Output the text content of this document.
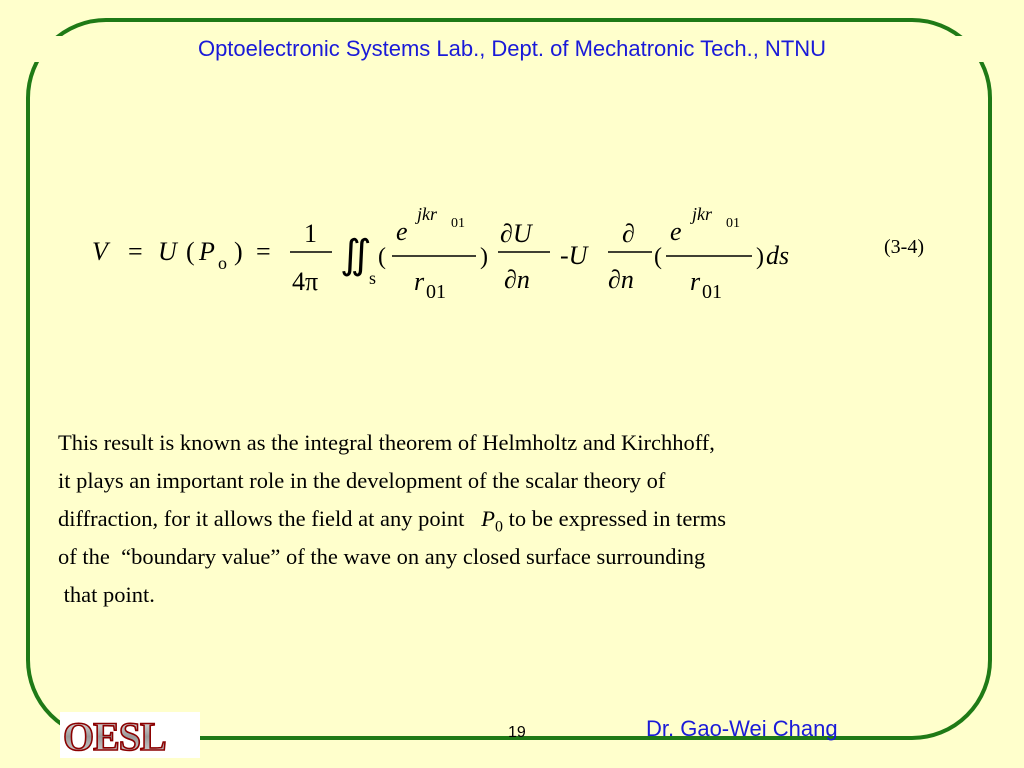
Optoelectronic Systems Lab., Dept. of Mechatronic Tech., NTNU
V = U ( P o ) =
1
4π
∬
s
(
e
jkr 01
r 01
)
∂U
∂n
-U
∂
∂n
(
e
jkr 01
r 01
) ds	(3-4)
This result is known as the integral theorem of Helmholtz and Kirchhoff,
it plays an important role in the development of the scalar theory of
diffraction, for it allows the field at any point $P_0$ to be expressed in terms
of the  “boundary value” of the wave on any closed surface surrounding
that point.
OESL	19	Dr. Gao-Wei Chang
